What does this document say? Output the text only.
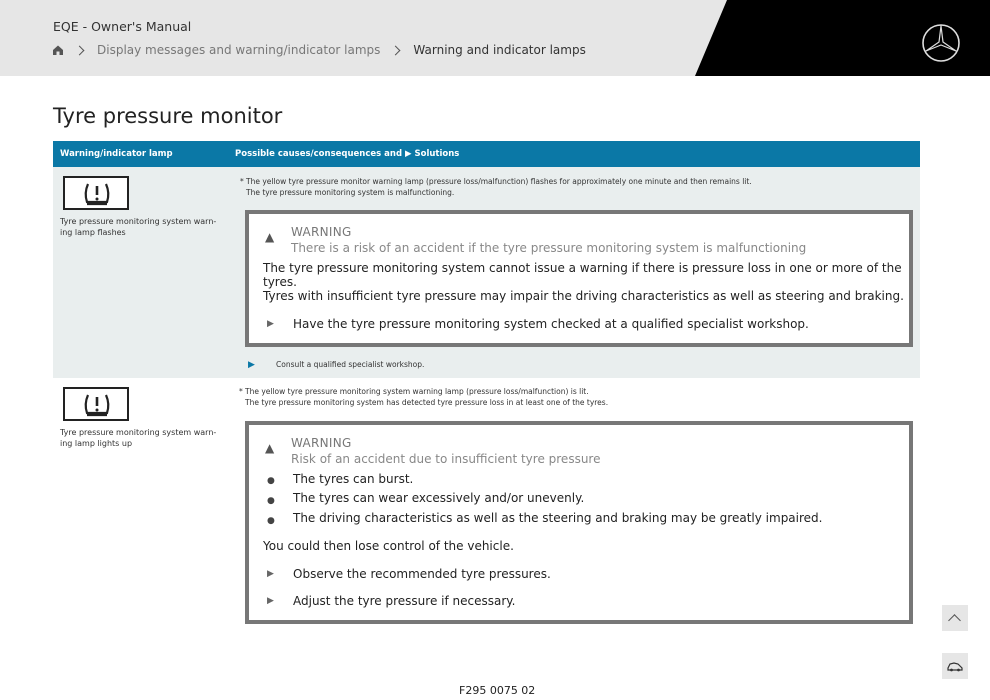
EQE - Owner's Manual
Display messages and warning/indicator lamps	Warning and indicator lamps
Tyre pressure monitor
Warning/indicator lamp	Possible causes/consequences and ▶ Solutions
Tyre pressure monitoring system warn-
ing lamp flashes
* The yellow tyre pressure monitor warning lamp (pressure loss/malfunction) flashes for approximately one minute and then remains lit.
The tyre pressure monitoring system is malfunctioning.
▲ WARNING
There is a risk of an accident if the tyre pressure monitoring system is malfunctioning
The tyre pressure monitoring system cannot issue a warning if there is pressure loss in one or more of the tyres.
Tyres with insufficient tyre pressure may impair the driving characteristics as well as steering and braking.
▶ Have the tyre pressure monitoring system checked at a qualified specialist workshop.
▶	Consult a qualified specialist workshop.
Tyre pressure monitoring system warn-
ing lamp lights up
* The yellow tyre pressure monitoring system warning lamp (pressure loss/malfunction) is lit.
The tyre pressure monitoring system has detected tyre pressure loss in at least one of the tyres.
▲ WARNING
Risk of an accident due to insufficient tyre pressure
● The tyres can burst.
● The tyres can wear excessively and/or unevenly.
● The driving characteristics as well as the steering and braking may be greatly impaired.
You could then lose control of the vehicle.
▶ Observe the recommended tyre pressures.
▶ Adjust the tyre pressure if necessary.
F295 0075 02
